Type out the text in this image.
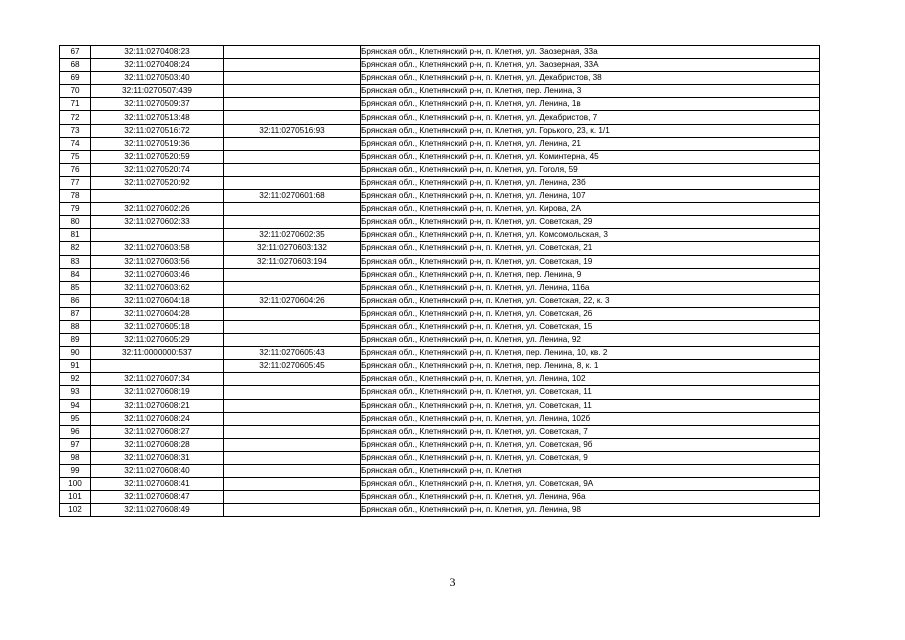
67	32:11:0270408:23		Брянская обл., Клетнянский р-н, п. Клетня, ул. Заозерная, 33а
68	32:11:0270408:24		Брянская обл., Клетнянский р-н, п. Клетня, ул. Заозерная, 33А
69	32:11:0270503:40		Брянская обл., Клетнянский р-н, п. Клетня, ул. Декабристов, 38
70	32:11:0270507:439		Брянская обл., Клетнянский р-н, п. Клетня, пер. Ленина, 3
71	32:11:0270509:37		Брянская обл., Клетнянский р-н, п. Клетня, ул. Ленина, 1в
72	32:11:0270513:48		Брянская обл., Клетнянский р-н, п. Клетня, ул. Декабристов, 7
73	32:11:0270516:72	32:11:0270516:93	Брянская обл., Клетнянский р-н, п. Клетня, ул. Горького, 23, к. 1/1
74	32:11:0270519:36		Брянская обл., Клетнянский р-н, п. Клетня, ул. Ленина, 21
75	32:11:0270520:59		Брянская обл., Клетнянский р-н, п. Клетня, ул. Коминтерна, 45
76	32:11:0270520:74		Брянская обл., Клетнянский р-н, п. Клетня, ул. Гоголя, 59
77	32:11:0270520:92		Брянская обл., Клетнянский р-н, п. Клетня, ул. Ленина, 23б
78		32:11:0270601:68	Брянская обл., Клетнянский р-н, п. Клетня, ул. Ленина, 107
79	32:11:0270602:26		Брянская обл., Клетнянский р-н, п. Клетня, ул. Кирова, 2А
80	32:11:0270602:33		Брянская обл., Клетнянский р-н, п. Клетня, ул. Советская, 29
81		32:11:0270602:35	Брянская обл., Клетнянский р-н, п. Клетня, ул. Комсомольская, 3
82	32:11:0270603:58	32:11:0270603:132	Брянская обл., Клетнянский р-н, п. Клетня, ул. Советская, 21
83	32:11:0270603:56	32:11:0270603:194	Брянская обл., Клетнянский р-н, п. Клетня, ул. Советская, 19
84	32:11:0270603:46		Брянская обл., Клетнянский р-н, п. Клетня, пер. Ленина, 9
85	32:11:0270603:62		Брянская обл., Клетнянский р-н, п. Клетня, ул. Ленина, 116а
86	32:11:0270604:18	32:11:0270604:26	Брянская обл., Клетнянский р-н, п. Клетня, ул. Советская, 22, к. 3
87	32:11:0270604:28		Брянская обл., Клетнянский р-н, п. Клетня, ул. Советская, 26
88	32:11:0270605:18		Брянская обл., Клетнянский р-н, п. Клетня, ул. Советская, 15
89	32:11:0270605:29		Брянская обл., Клетнянский р-н, п. Клетня, ул. Ленина, 92
90	32:11:0000000:537	32:11:0270605:43	Брянская обл., Клетнянский р-н, п. Клетня, пер. Ленина, 10, кв. 2
91		32:11:0270605:45	Брянская обл., Клетнянский р-н, п. Клетня, пер. Ленина, 8, к. 1
92	32:11:0270607:34		Брянская обл., Клетнянский р-н, п. Клетня, ул. Ленина, 102
93	32:11:0270608:19		Брянская обл., Клетнянский р-н, п. Клетня, ул. Советская, 11
94	32:11:0270608:21		Брянская обл., Клетнянский р-н, п. Клетня, ул. Советская, 11
95	32:11:0270608:24		Брянская обл., Клетнянский р-н, п. Клетня, ул. Ленина, 102б
96	32:11:0270608:27		Брянская обл., Клетнянский р-н, п. Клетня, ул. Советская, 7
97	32:11:0270608:28		Брянская обл., Клетнянский р-н, п. Клетня, ул. Советская, 9б
98	32:11:0270608:31		Брянская обл., Клетнянский р-н, п. Клетня, ул. Советская, 9
99	32:11:0270608:40		Брянская обл., Клетнянский р-н, п. Клетня
100	32:11:0270608:41		Брянская обл., Клетнянский р-н, п. Клетня, ул. Советская, 9А
101	32:11:0270608:47		Брянская обл., Клетнянский р-н, п. Клетня, ул. Ленина, 96а
102	32:11:0270608:49		Брянская обл., Клетнянский р-н, п. Клетня, ул. Ленина, 98
3
